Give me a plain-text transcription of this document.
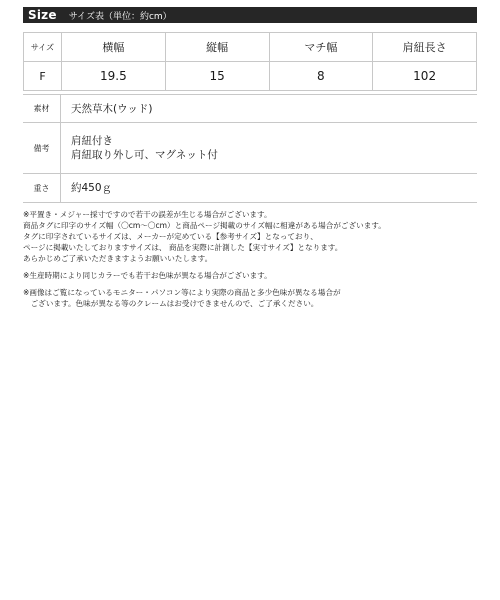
Size サイズ表（単位：約cm）
サイズ	横幅	縦幅	マチ幅	肩紐長さ
F	19.5	15	8	102
素材	天然草木(ウッド)
備考	肩紐付き
肩紐取り外し可、マグネット付

重さ	約450ｇ
※平置き・メジャー採寸ですので若干の誤差が生じる場合がございます。
商品タグに印字のサイズ幅（〇cm〜〇cm）と商品ページ掲載のサイズ幅に相違がある場合がございます。
タグに印字されているサイズは、メーカーが定めている【参考サイズ】となっており、
ページに掲載いたしておりますサイズは、 商品を実際に計測した【実寸サイズ】となります。
あらかじめご了承いただきますようお願いいたします。
※生産時期により同じカラーでも若干お色味が異なる場合がございます。
※画像はご覧になっているモニター・パソコン等により実際の商品と多少色味が異なる場合が
　ございます。色味が異なる等のクレームはお受けできませんので、ご了承ください。
